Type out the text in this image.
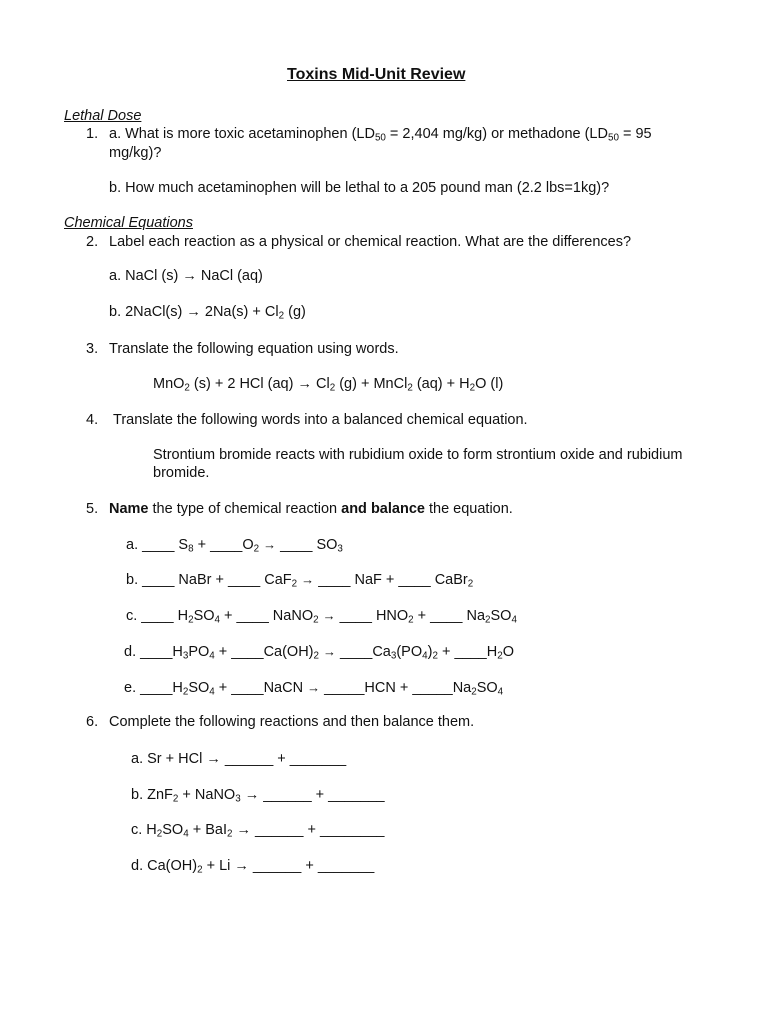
Toxins Mid-Unit Review
Lethal Dose
1. a. What is more toxic acetaminophen ($LD_{50} = 2,404$ mg/kg) or methadone ($LD_{50} = 95$
mg/kg)?
b. How much acetaminophen will be lethal to a 205 pound man (2.2 lbs=1kg)?
Chemical Equations
2. Label each reaction as a physical or chemical reaction. What are the differences?
a. NaCl (s) → NaCl (aq)
b. 2NaCl(s) → $2Na(s) + Cl_2$ (g)
3. Translate the following equation using words.
MnO$_2$ (s) + 2 HCl $(aq) \to Cl_2$ (g) + MnCl$_2$ $(aq) + H_2O$ (l)
4. Translate the following words into a balanced chemical equation.
Strontium bromide reacts with rubidium oxide to form strontium oxide and rubidium
bromide.
5. Name the type of chemical reaction and balance the equation.
a. ____ $S_8$ + $\_\_\_\_O_2$ → ____ $SO_3$
b. ____ NaBr + ____ CaF$_2$ → ____ NaF + ____ CaBr$_2$
c. ____ $H_2SO_4$ + ____ NaNO$_2$ → ____ $HNO_2$ + ____ $Na_2SO_4$
d. $\_\_\_\_H_3PO_4$ + $\_\_\_\_Ca(OH)_2$ → $\_\_\_\_Ca_3(PO_4)_2$ + $\_\_\_\_H_2O$
e. $\_\_\_\_H_2SO_4$ + ____NaCN → _____HCN + $\_\_\_\_\_Na_2SO_4$
6. Complete the following reactions and then balance them.
a. Sr + HCl → ______ + _______
b. ZnF$_2$ + NaNO$_3$ → ______ + _______
c. $H_2SO_4 + BaI_2$ → ______ + ________
d. $Ca(OH)_2 + Li$ → ______ + _______
